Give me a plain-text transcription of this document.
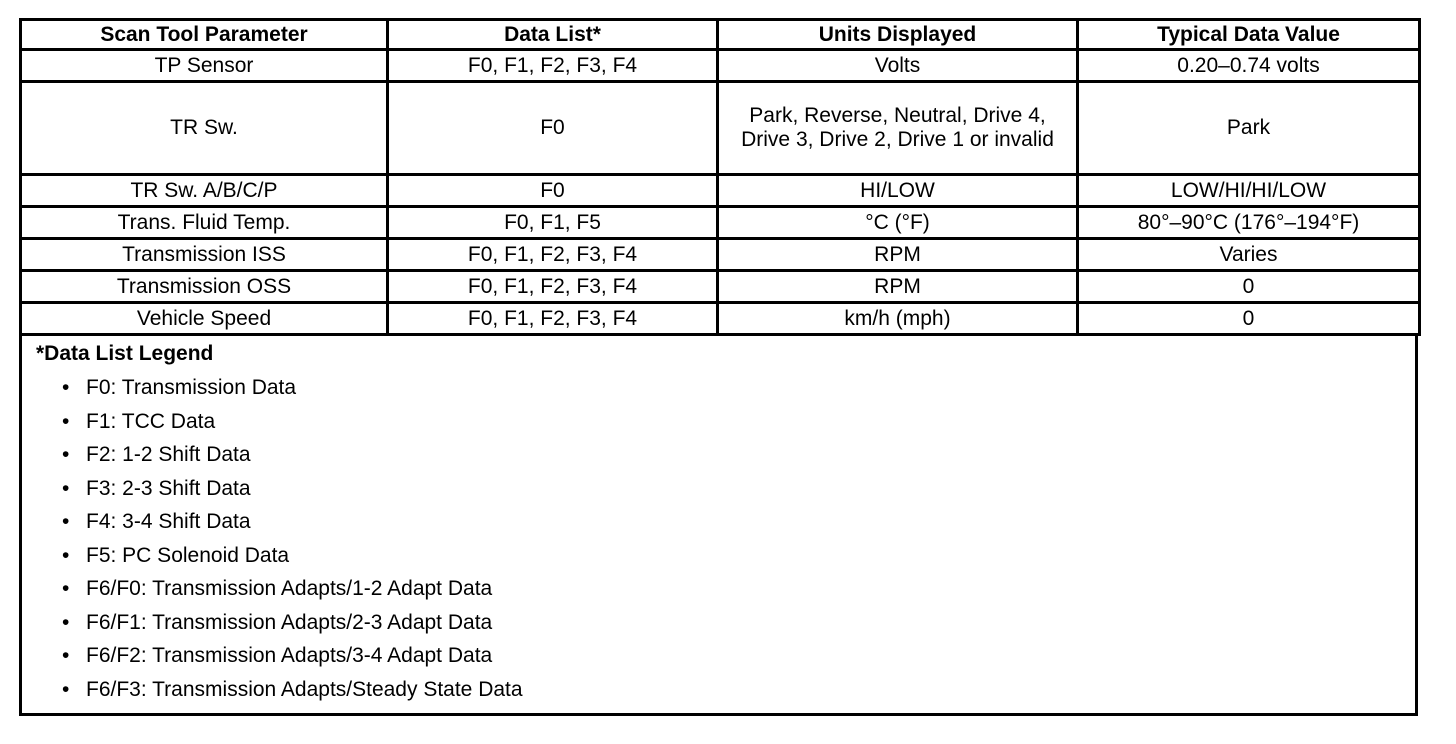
Scan Tool Parameter	Data List*	Units Displayed	Typical Data Value
TP Sensor	F0, F1, F2, F3, F4	Volts	0.20–0.74 volts
TR Sw.	F0	Park, Reverse, Neutral, Drive 4, Drive 3, Drive 2, Drive 1 or invalid	Park
TR Sw. A/B/C/P	F0	HI/LOW	LOW/HI/HI/LOW
Trans. Fluid Temp.	F0, F1, F5	°C (°F)	80°–90°C (176°–194°F)
Transmission ISS	F0, F1, F2, F3, F4	RPM	Varies
Transmission OSS	F0, F1, F2, F3, F4	RPM	0
Vehicle Speed	F0, F1, F2, F3, F4	km/h (mph)	0
*Data List Legend
• F0: Transmission Data
• F1: TCC Data
• F2: 1-2 Shift Data
• F3: 2-3 Shift Data
• F4: 3-4 Shift Data
• F5: PC Solenoid Data
• F6/F0: Transmission Adapts/1-2 Adapt Data
• F6/F1: Transmission Adapts/2-3 Adapt Data
• F6/F2: Transmission Adapts/3-4 Adapt Data
• F6/F3: Transmission Adapts/Steady State Data
